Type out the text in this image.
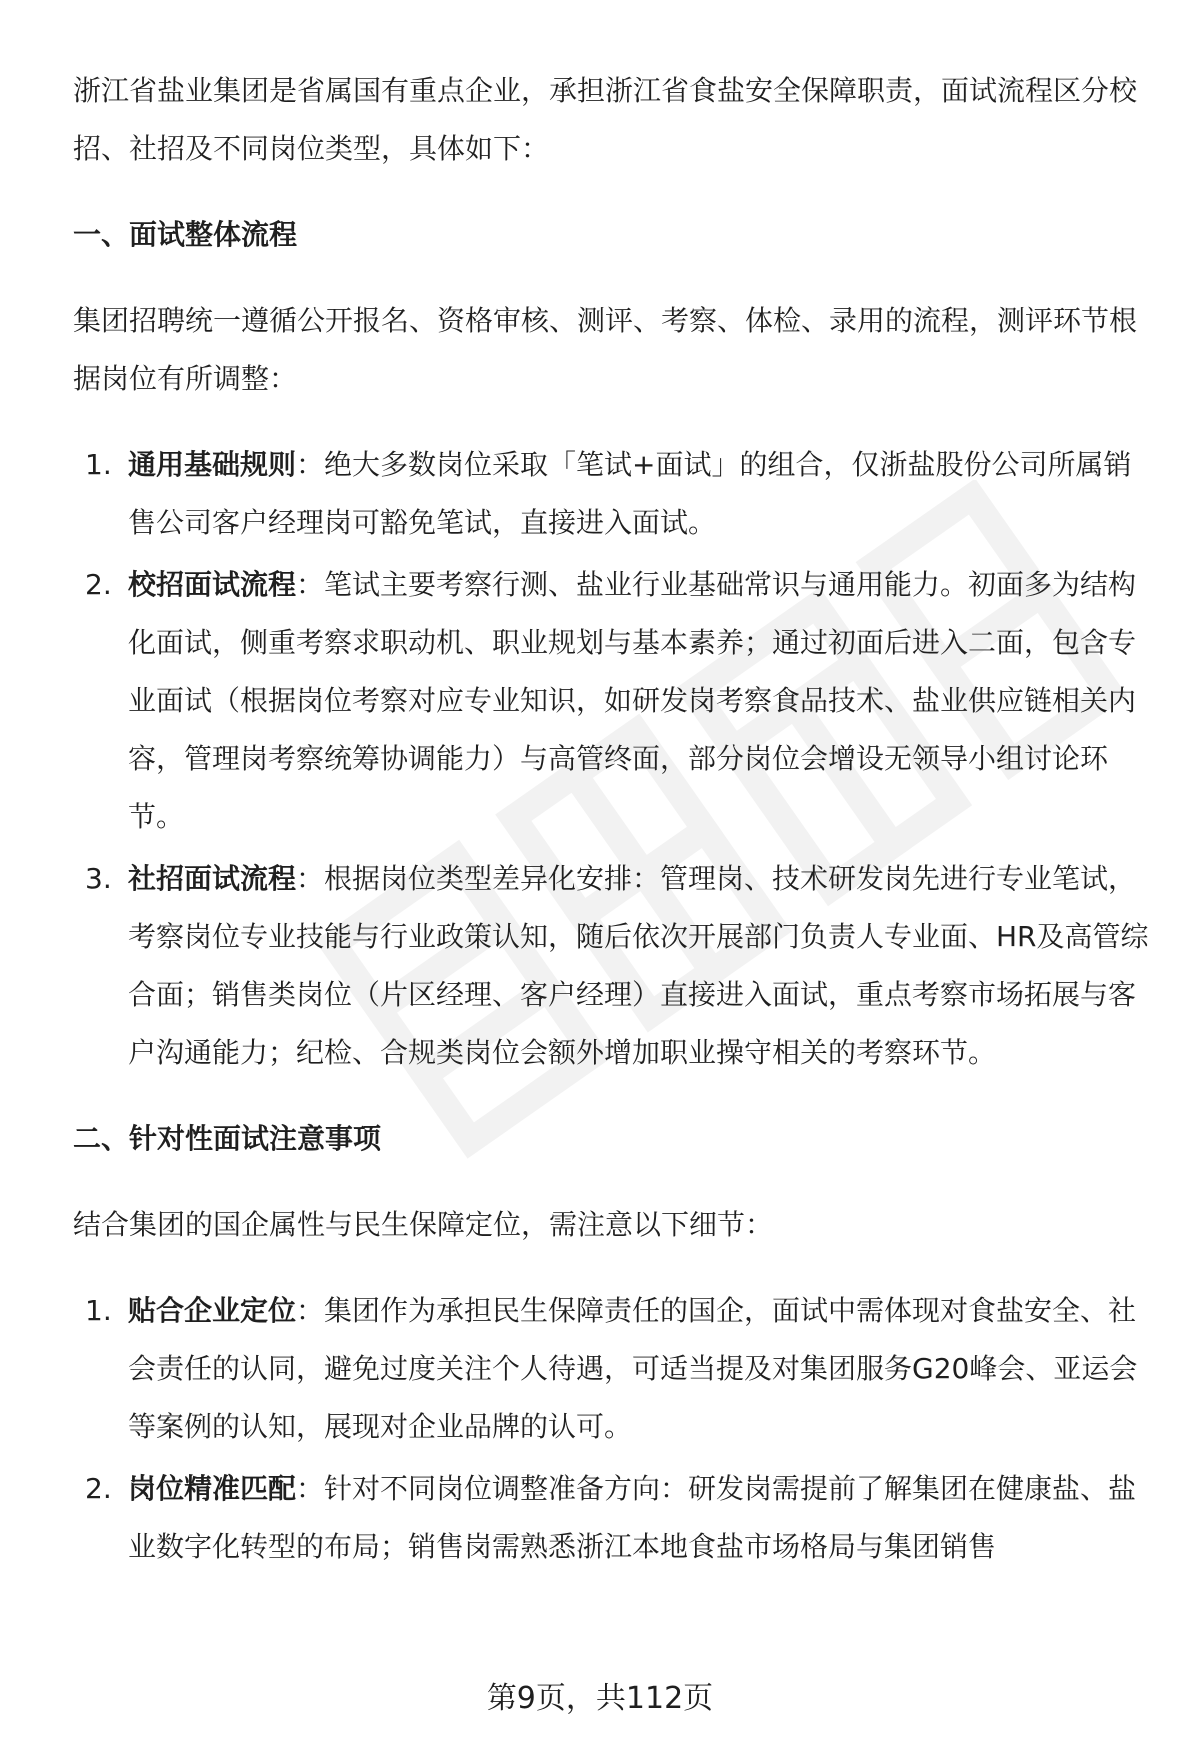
浙江省盐业集团是省属国有重点企业，承担浙江省食盐安全保障职责，面试流程区分校招、社招及不同岗位类型，具体如下：

一、面试整体流程

集团招聘统一遵循公开报名、资格审核、测评、考察、体检、录用的流程，测评环节根据岗位有所调整：

1. 通用基础规则：绝大多数岗位采取「笔试+面试」的组合，仅浙盐股份公司所属销售公司客户经理岗可豁免笔试，直接进入面试。
2. 校招面试流程：笔试主要考察行测、盐业行业基础常识与通用能力。初面多为结构化面试，侧重考察求职动机、职业规划与基本素养；通过初面后进入二面，包含专业面试（根据岗位考察对应专业知识，如研发岗考察食品技术、盐业供应链相关内容，管理岗考察统筹协调能力）与高管终面，部分岗位会增设无领导小组讨论环节。
3. 社招面试流程：根据岗位类型差异化安排：管理岗、技术研发岗先进行专业笔试，考察岗位专业技能与行业政策认知，随后依次开展部门负责人专业面、HR及高管综合面；销售类岗位（片区经理、客户经理）直接进入面试，重点考察市场拓展与客户沟通能力；纪检、合规类岗位会额外增加职业操守相关的考察环节。
二、针对性面试注意事项

结合集团的国企属性与民生保障定位，需注意以下细节：

1. 贴合企业定位：集团作为承担民生保障责任的国企，面试中需体现对食盐安全、社会责任的认同，避免过度关注个人待遇，可适当提及对集团服务G20峰会、亚运会等案例的认知，展现对企业品牌的认可。
2. 岗位精准匹配：针对不同岗位调整准备方向：研发岗需提前了解集团在健康盐、盐业数字化转型的布局；销售岗需熟悉浙江本地食盐市场格局与集团销售
第9页，共112页
